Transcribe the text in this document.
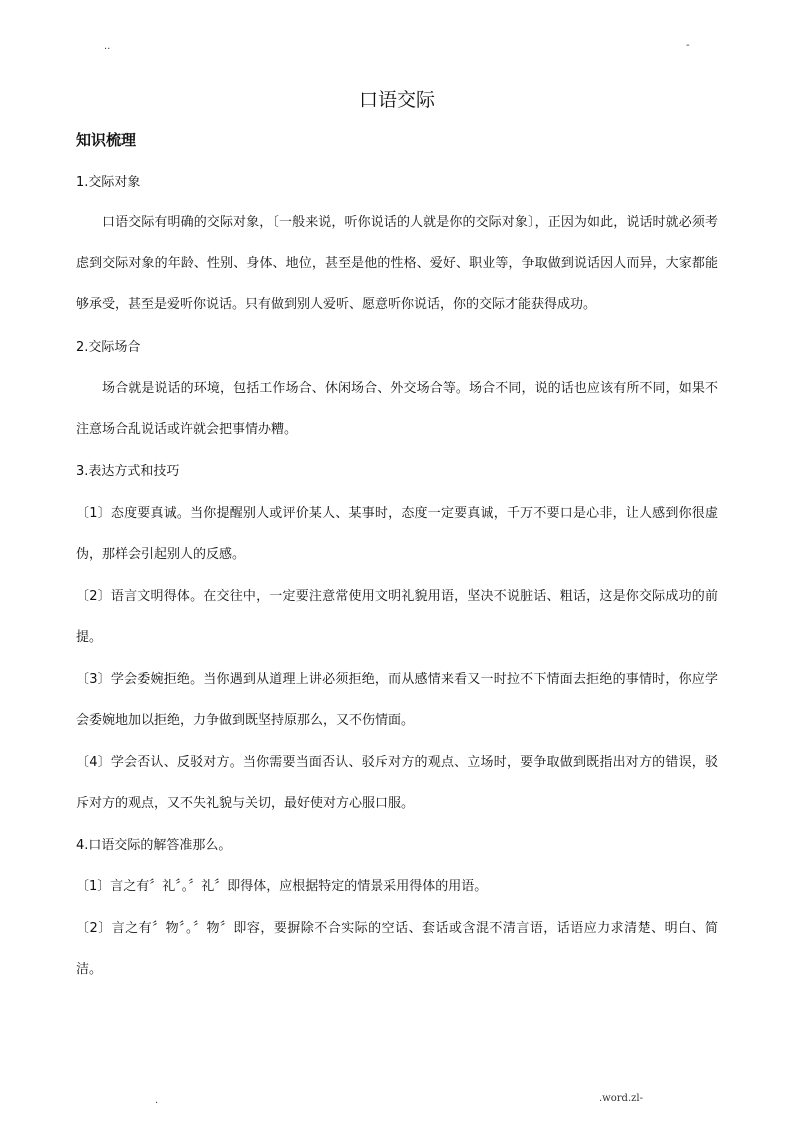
..	-
口语交际
知识梳理

1.交际对象

口语交际有明确的交际对象，〔一般来说，听你说话的人就是你的交际对象〕，正因为如此，说话时就必须考虑到交际对象的年龄、性别、身体、地位，甚至是他的性格、爱好、职业等，争取做到说话因人而异，大家都能够承受，甚至是爱听你说话。只有做到别人爱听、愿意听你说话，你的交际才能获得成功。

2.交际场合

场合就是说话的环境，包括工作场合、休闲场合、外交场合等。场合不同，说的话也应该有所不同，如果不注意场合乱说话或许就会把事情办糟。

3.表达方式和技巧

〔1〕态度要真诚。当你提醒别人或评价某人、某事时，态度一定要真诚，千万不要口是心非，让人感到你很虚伪，那样会引起别人的反感。

〔2〕语言文明得体。在交往中，一定要注意常使用文明礼貌用语，坚决不说脏话、粗话，这是你交际成功的前提。

〔3〕学会委婉拒绝。当你遇到从道理上讲必须拒绝，而从感情来看又一时拉不下情面去拒绝的事情时，你应学会委婉地加以拒绝，力争做到既坚持原那么，又不伤情面。

〔4〕学会否认、反驳对方。当你需要当面否认、驳斥对方的观点、立场时，要争取做到既指出对方的错误，驳斥对方的观点，又不失礼貌与关切，最好使对方心服口服。

4.口语交际的解答准那么。

〔1〕言之有〞礼〞。〞礼〞即得体，应根据特定的情景采用得体的用语。

〔2〕言之有〞物〞。〞物〞即容，要摒除不合实际的空话、套话或含混不清言语，话语应力求清楚、明白、简洁。

.	.word.zl-
